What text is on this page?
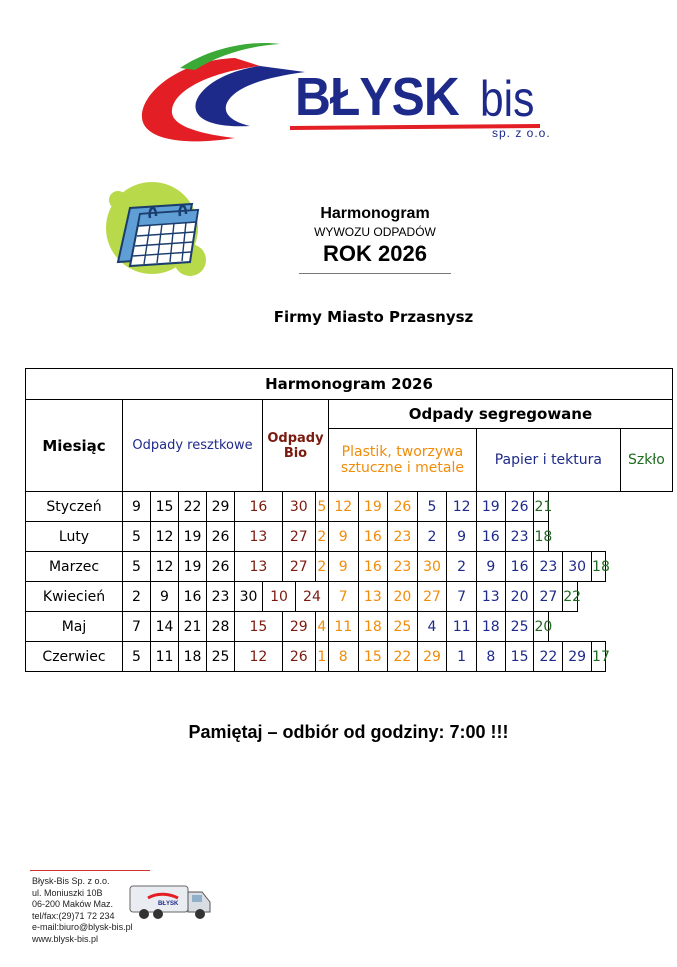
BŁYSK bis
sp. z o.o.
Harmonogram
WYWOZU ODPADÓW
ROK 2026
Firmy Miasto Przasnysz
Harmonogram 2026																				
Miesiąc	Odpady resztkowe					Odpady Bio				Odpady segregowane										
										Plastik, tworzywa sztuczne i metale					Papier i tektura					Szkło
Styczeń	9	15	22	29	16		30		5	12	19	26	5	12	19	26	21			
Luty	5	12	19	26	13		27		2	9	16	23	2	9	16	23	18			
Marzec	5	12	19	26	13		27		2	9	16	23	30	2	9	16	23	30	18	
Kwiecień	2	9	16	23	30	10		24		7	13	20	27	7	13	20	27	22		
Maj	7	14	21	28	15		29		4	11	18	25	4	11	18	25	20			
Czerwiec	5	11	18	25	12		26		1	8	15	22	29	1	8	15	22	29	17	
Pamiętaj – odbiór od godziny: 7:00 !!!
Błysk-Bis Sp. z o.o.
ul. Moniuszki 10B
06-200 Maków Maz.
tel/fax:(29)71 72 234
e-mail:biuro@blysk-bis.pl
www.blysk-bis.pl
BŁYSK
